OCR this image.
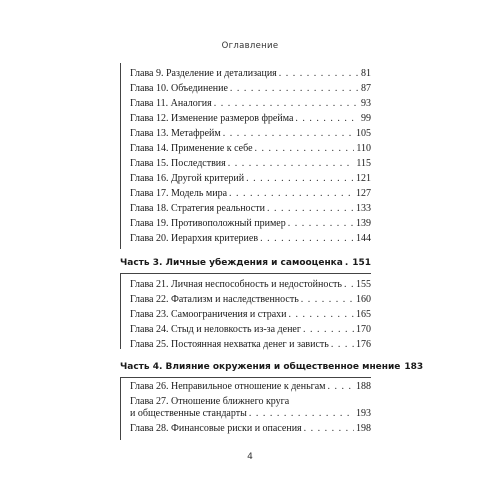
Оглавление
Глава 9. Разделение и детализация . . .	81
Глава 10. Объединение . . .	87
Глава 11. Аналогия . . .	93
Глава 12. Изменение размеров фрейма . . .	99
Глава 13. Метафрейм . . .	105
Глава 14. Применение к себе . . .	110
Глава 15. Последствия . . .	115
Глава 16. Другой критерий . . .	121
Глава 17. Модель мира . . .	127
Глава 18. Стратегия реальности . . .	133
Глава 19. Противоположный пример . . .	139
Глава 20. Иерархия критериев . . .	144
Часть 3. Личные убеждения и самооценка . . . 151
Глава 21. Личная неспособность и недостойность . . . 155
Глава 22. Фатализм и наследственность . . .	160
Глава 23. Самоограничения и страхи . . .	165
Глава 24. Стыд и неловкость из-за денег . . .	170
Глава 25. Постоянная нехватка денег и зависть . . .	176
Часть 4. Влияние окружения и общественное мнение 183
Глава 26. Неправильное отношение к деньгам . . .	188
Глава 27. Отношение ближнего круга
и общественные стандарты . . .	193
Глава 28. Финансовые риски и опасения . . .	198
4
